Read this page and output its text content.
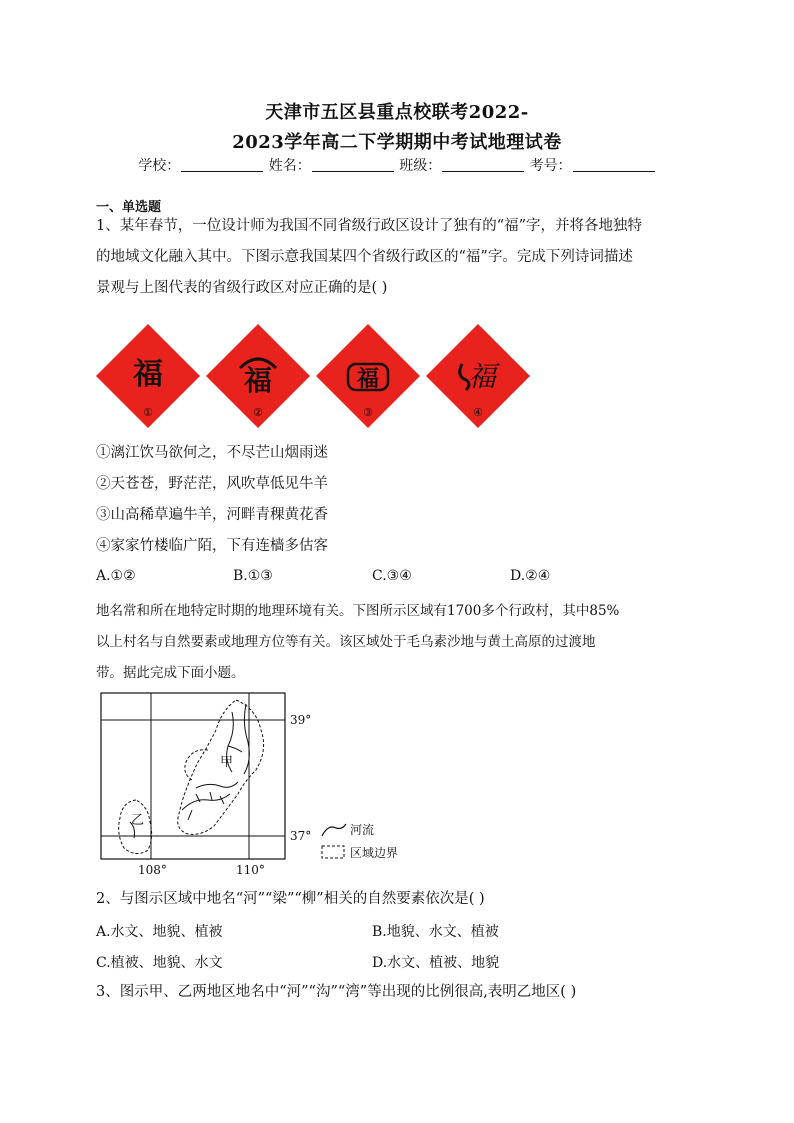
天津市五区县重点校联考2022-
2023学年高二下学期期中考试地理试卷
学校：	姓名：	班级：	考号：
一、单选题
1、某年春节，一位设计师为我国不同省级行政区设计了独有的“福”字，并将各地独特
的地域文化融入其中。下图示意我国某四个省级行政区的“福”字。完成下列诗词描述
景观与上图代表的省级行政区对应正确的是( )
福
①
福
②
福
③
福
④
①漓江饮马欲何之，不尽芒山烟雨迷
②天苍苍，野茫茫，风吹草低见牛羊
③山高稀草遍牛羊，河畔青稞黄花香
④家家竹楼临广陌，下有连樯多估客
A.①②	B.①③	C.③④	D.②④
地名常和所在地特定时期的地理环境有关。下图所示区域有1700多个行政村，其中85%
以上村名与自然要素或地理方位等有关。该区域处于毛乌素沙地与黄土高原的过渡地
带。据此完成下面小题。
甲
乙
39°
37°
108°	110°
河流
区域边界
2、与图示区域中地名“河”“梁”“柳”相关的自然要素依次是( )
A.水文、地貌、植被	B.地貌、水文、植被
C.植被、地貌、水文	D.水文、植被、地貌
3、图示甲、乙两地区地名中“河”“沟”“湾”等出现的比例很高,表明乙地区( )
